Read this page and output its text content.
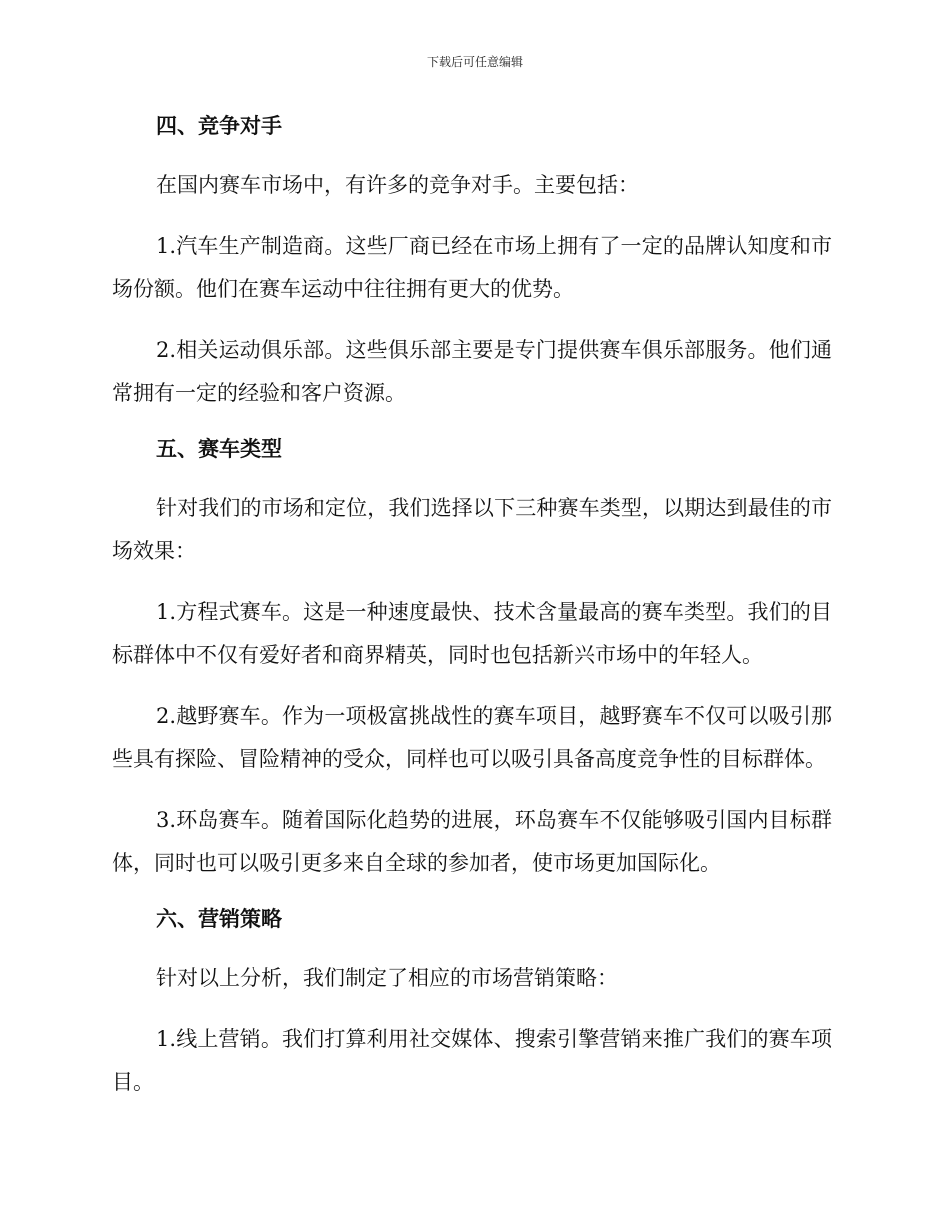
下载后可任意编辑
四、竞争对手

在国内赛车市场中，有许多的竞争对手。主要包括：

1.汽车生产制造商。这些厂商已经在市场上拥有了一定的品牌认知度和市场份额。他们在赛车运动中往往拥有更大的优势。

2.相关运动俱乐部。这些俱乐部主要是专门提供赛车俱乐部服务。他们通常拥有一定的经验和客户资源。

五、赛车类型

针对我们的市场和定位，我们选择以下三种赛车类型，以期达到最佳的市场效果：

1.方程式赛车。这是一种速度最快、技术含量最高的赛车类型。我们的目标群体中不仅有爱好者和商界精英，同时也包括新兴市场中的年轻人。

2.越野赛车。作为一项极富挑战性的赛车项目，越野赛车不仅可以吸引那些具有探险、冒险精神的受众，同样也可以吸引具备高度竞争性的目标群体。

3.环岛赛车。随着国际化趋势的进展，环岛赛车不仅能够吸引国内目标群体，同时也可以吸引更多来自全球的参加者，使市场更加国际化。

六、营销策略

针对以上分析，我们制定了相应的市场营销策略：

1.线上营销。我们打算利用社交媒体、搜索引擎营销来推广我们的赛车项目。
